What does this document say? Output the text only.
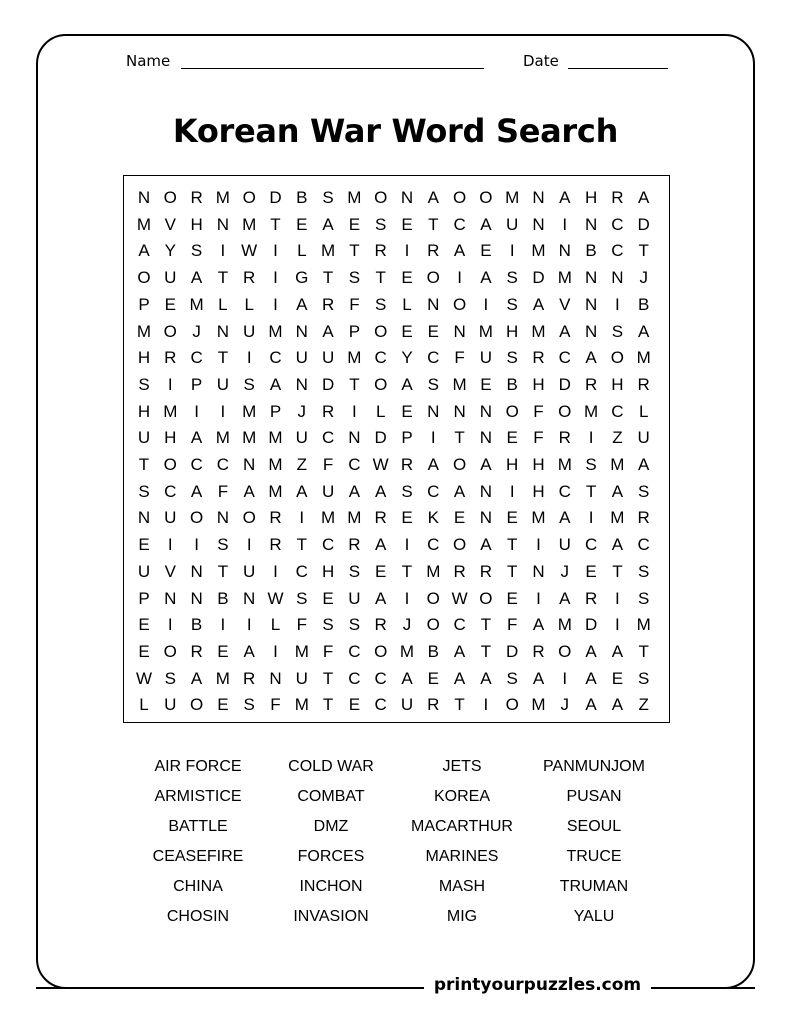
Name	Date
Korean War Word Search
N O R M O D B S M O N A O O M N A H R A
M V H N M T E A E S E T C A U N	I	N C D
A Y S	I W I	L M T R	I	R A E	I M N B C T
O U A T R	I	G T S T E O	I	A S D M N N J
P E M L L	I	A R F S L N O	I	S A V N	I	B
M O J N U M N A P O E E N M H M A N S A
H R C T	I	C U U M C Y C F U S R C A O M
S	I	P U S A N D T O A S M E B H D R H R
H M I	I M P J R	I	L E N N N O F O M C L
U H A M M M U C N D P	I	T N E F R	I	Z U
T O C C N M Z F C W R A O A H H M S M A
S C A F A M A U A A S C A N	I	H C T A S
N U O N O R	I M M R E K E N E M A	I M R
E	I	I	S	I	R T C R A	I	C O A T	I	U C A C
U V N T U	I	C H S E T M R R T N J E T S
P N N B N W S E U A	I	O W O E	I	A R	I	S
E	I	B	I	I	L F S S R J O C T F A M D	I M
E O R E A	I M F C O M B A T D R O A A T
W S A M R N U T C C A E A A S A	I	A E S
L U O E S F M T E C U R T	I	O M J A A Z
AIR FORCE
ARMISTICE
BATTLE
CEASEFIRE
CHINA
CHOSIN
COLD WAR
COMBAT
DMZ
FORCES
INCHON
INVASION
JETS
KOREA
MACARTHUR
MARINES
MASH
MIG
PANMUNJOM
PUSAN
SEOUL
TRUCE
TRUMAN
YALU
printyourpuzzles.com
